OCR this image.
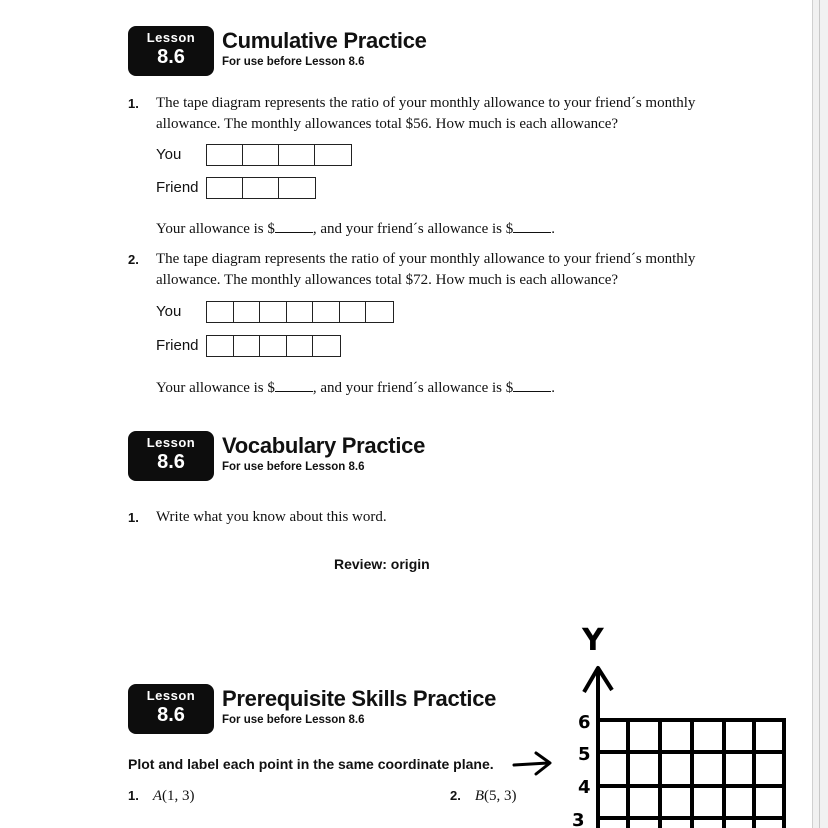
Lesson
8.6
Cumulative Practice
For use before Lesson 8.6
1. The tape diagram represents the ratio of your monthly allowance to your friend´s monthly allowance. The monthly allowances total $56. How much is each allowance?
You
Friend
Your allowance is $	, and your friend´s allowance is $	.
2. The tape diagram represents the ratio of your monthly allowance to your friend´s monthly allowance. The monthly allowances total $72. How much is each allowance?
You
Friend
Your allowance is $	, and your friend´s allowance is $	.
Lesson
8.6
Vocabulary Practice
For use before Lesson 8.6
1. Write what you know about this word.
Review: origin
Lesson
8.6
Prerequisite Skills Practice
For use before Lesson 8.6
Plot and label each point in the same coordinate plane.
1. A(1, 3)	2. B(5, 3)
Y
6
5
4
3
